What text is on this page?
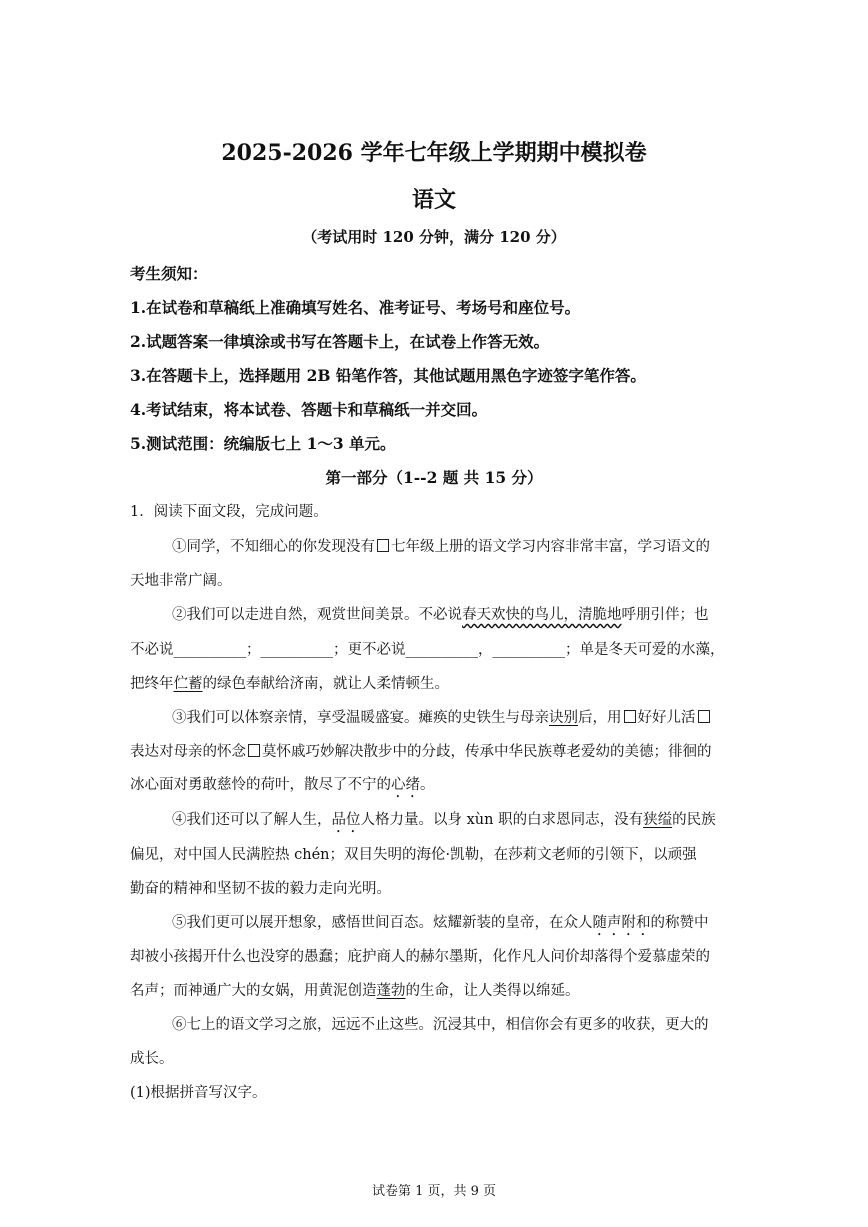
2025-2026 学年七年级上学期期中模拟卷
语文
（考试用时 120 分钟，满分 120 分）
考生须知：
1.在试卷和草稿纸上准确填写姓名、准考证号、考场号和座位号。
2.试题答案一律填涂或书写在答题卡上，在试卷上作答无效。
3.在答题卡上，选择题用 2B 铅笔作答，其他试题用黑色字迹签字笔作答。
4.考试结束，将本试卷、答题卡和草稿纸一并交回。
5.测试范围：统编版七上 1～3 单元。
第一部分（1--2 题 共 15 分）
1．阅读下面文段，完成问题。
①同学，不知细心的你发现没有 七年级上册的语文学习内容非常丰富，学习语文的
天地非常广阔。
②我们可以走进自然，观赏世间美景。不必说春天欢快的鸟儿，清脆地呼朋引伴；也
不必说__________；__________；更不必说__________，__________；单是冬天可爱的水藻，
把终年伫蓄的绿色奉献给济南，就让人柔情顿生。
③我们可以体察亲情，享受温暖盛宴。瘫痪的史铁生与母亲诀别后，用 好好儿活
表达对母亲的怀念 莫怀戚巧妙解决散步中的分歧，传承中华民族尊老爱幼的美德；徘徊的
冰心面对勇敢慈怜的荷叶，散尽了不宁的心绪。
④我们还可以了解人生，品位人格力量。以身 xùn 职的白求恩同志，没有狭缢的民族
偏见，对中国人民满腔热 chén；双目失明的海伦·凯勒，在莎莉文老师的引领下，以顽强
勤奋的精神和坚韧不拔的毅力走向光明。
⑤我们更可以展开想象，感悟世间百态。炫耀新装的皇帝，在众人随声附和的称赞中
却被小孩揭开什么也没穿的愚蠢；庇护商人的赫尔墨斯，化作凡人问价却落得个爱慕虚荣的
名声；而神通广大的女娲，用黄泥创造蓬勃的生命，让人类得以绵延。
⑥七上的语文学习之旅，远远不止这些。沉浸其中，相信你会有更多的收获，更大的
成长。
(1)根据拼音写汉字。
试卷第 1 页，共 9 页
